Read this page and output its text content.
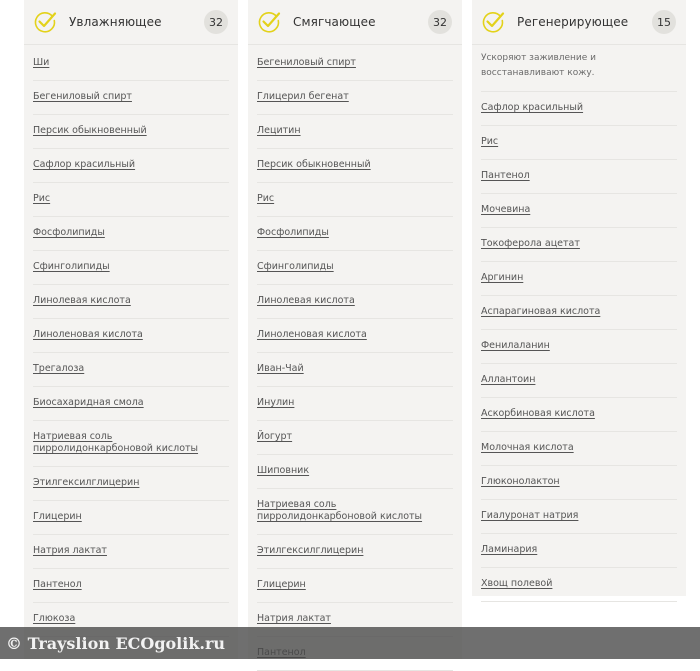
Увлажняющее	32
Ши
Бегениловый спирт
Персик обыкновенный
Сафлор красильный
Рис
Фосфолипиды
Сфинголипиды
Линолевая кислота
Линоленовая кислота
Трегалоза
Биосахаридная смола
Натриевая соль пирролидонкарбоновой кислоты
Этилгексилглицерин
Глицерин
Натрия лактат
Пантенол
Глюкоза
Смягчающее	32
Бегениловый спирт
Глицерил бегенат
Лецитин
Персик обыкновенный
Рис
Фосфолипиды
Сфинголипиды
Линолевая кислота
Линоленовая кислота
Иван-Чай
Инулин
Йогурт
Шиповник
Натриевая соль пирролидонкарбоновой кислоты
Этилгексилглицерин
Глицерин
Натрия лактат
Регенерирующее	15
Ускоряют заживление и восстанавливают кожу.
Сафлор красильный
Рис
Пантенол
Мочевина
Токоферола ацетат
Аргинин
Аспарагиновая кислота
Фенилаланин
Аллантоин
Аскорбиновая кислота
Молочная кислота
Глюконолактон
Гиалуронат натрия
Ламинария
Хвощ полевой
© Trayslion ECOgolik.ru
